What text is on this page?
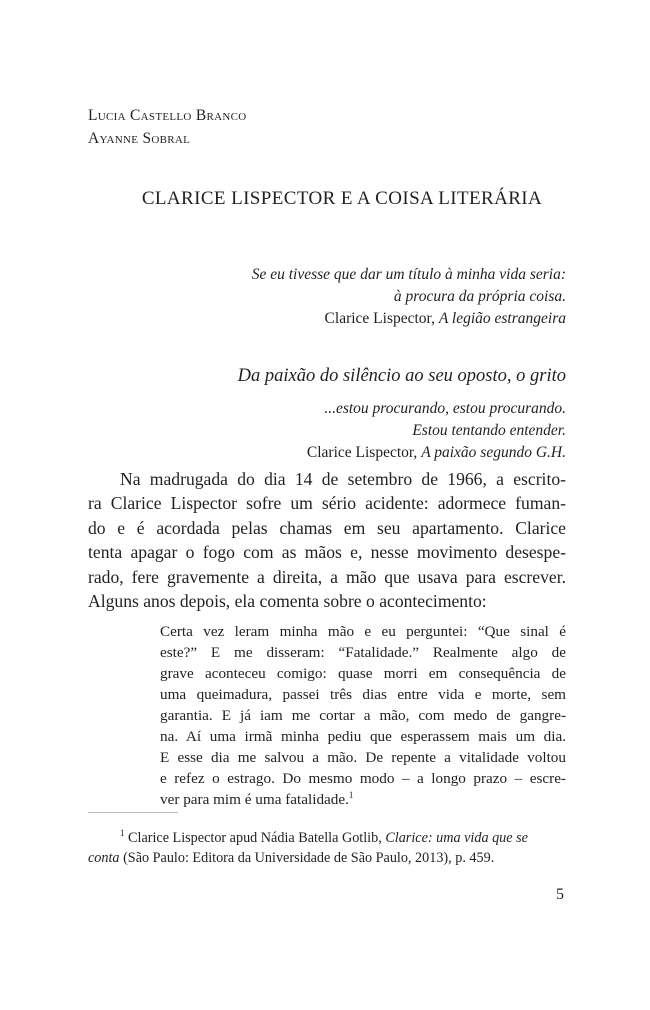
Lucia Castello Branco
Ayanne Sobral
CLARICE LISPECTOR E A COISA LITERÁRIA
Se eu tivesse que dar um título à minha vida seria:
à procura da própria coisa.
Clarice Lispector, A legião estrangeira
Da paixão do silêncio ao seu oposto, o grito
...estou procurando, estou procurando.
Estou tentando entender.
Clarice Lispector, A paixão segundo G.H.
Na madrugada do dia 14 de setembro de 1966, a escrito-
ra Clarice Lispector sofre um sério acidente: adormece fuman-
do e é acordada pelas chamas em seu apartamento. Clarice
tenta apagar o fogo com as mãos e, nesse movimento desespe-
rado, fere gravemente a direita, a mão que usava para escrever.
Alguns anos depois, ela comenta sobre o acontecimento:
Certa vez leram minha mão e eu perguntei: “Que sinal é
este?” E me disseram: “Fatalidade.” Realmente algo de
grave aconteceu comigo: quase morri em consequência de
uma queimadura, passei três dias entre vida e morte, sem
garantia. E já iam me cortar a mão, com medo de gangre-
na. Aí uma irmã minha pediu que esperassem mais um dia.
E esse dia me salvou a mão. De repente a vitalidade voltou
e refez o estrago. Do mesmo modo – a longo prazo – escre-
ver para mim é uma fatalidade.$^1$
$^1$ Clarice Lispector apud Nádia Batella Gotlib, Clarice: uma vida que se
conta (São Paulo: Editora da Universidade de São Paulo, 2013), p. 459.
5
